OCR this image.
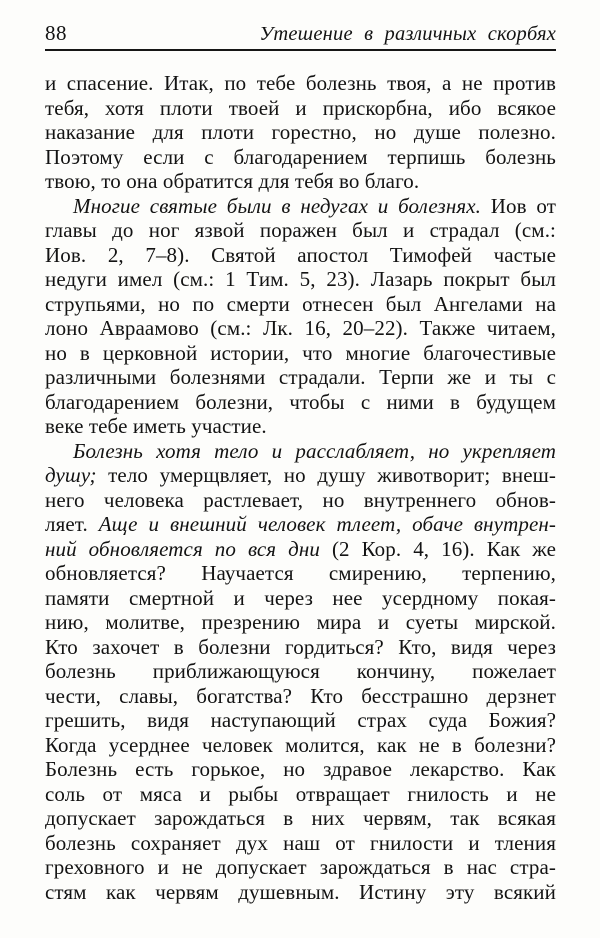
88	Утешение в различных скорбях
и спасение. Итак, по тебе болезнь твоя, а не против
тебя, хотя плоти твоей и прискорбна, ибо всякое
наказание для плоти горестно, но душе полезно.
Поэтому если с благодарением терпишь болезнь
твою, то она обратится для тебя во благо.
Многие святые были в недугах и болезнях. Иов от
главы до ног язвой поражен был и страдал (см.:
Иов. 2, 7–8). Святой апостол Тимофей частые
недуги имел (см.: 1 Тим. 5, 23). Лазарь покрыт был
струпьями, но по смерти отнесен был Ангелами на
лоно Авраамово (см.: Лк. 16, 20–22). Также читаем,
но в церковной истории, что многие благочестивые
различными болезнями страдали. Терпи же и ты с
благодарением болезни, чтобы с ними в будущем
веке тебе иметь участие.
Болезнь хотя тело и расслабляет, но укрепляет
душу; тело умерщвляет, но душу животворит; внеш-
него человека растлевает, но внутреннего обнов-
ляет. Аще и внешний человек тлеет, обаче внутрен-
ний обновляется по вся дни (2 Кор. 4, 16). Как же
обновляется? Научается смирению, терпению,
памяти смертной и через нее усердному покая-
нию, молитве, презрению мира и суеты мирской.
Кто захочет в болезни гордиться? Кто, видя через
болезнь приближающуюся кончину, пожелает
чести, славы, богатства? Кто бесстрашно дерзнет
грешить, видя наступающий страх суда Божия?
Когда усерднее человек молится, как не в болезни?
Болезнь есть горькое, но здравое лекарство. Как
соль от мяса и рыбы отвращает гнилость и не
допускает зарождаться в них червям, так всякая
болезнь сохраняет дух наш от гнилости и тления
греховного и не допускает зарождаться в нас стра-
стям как червям душевным. Истину эту всякий
